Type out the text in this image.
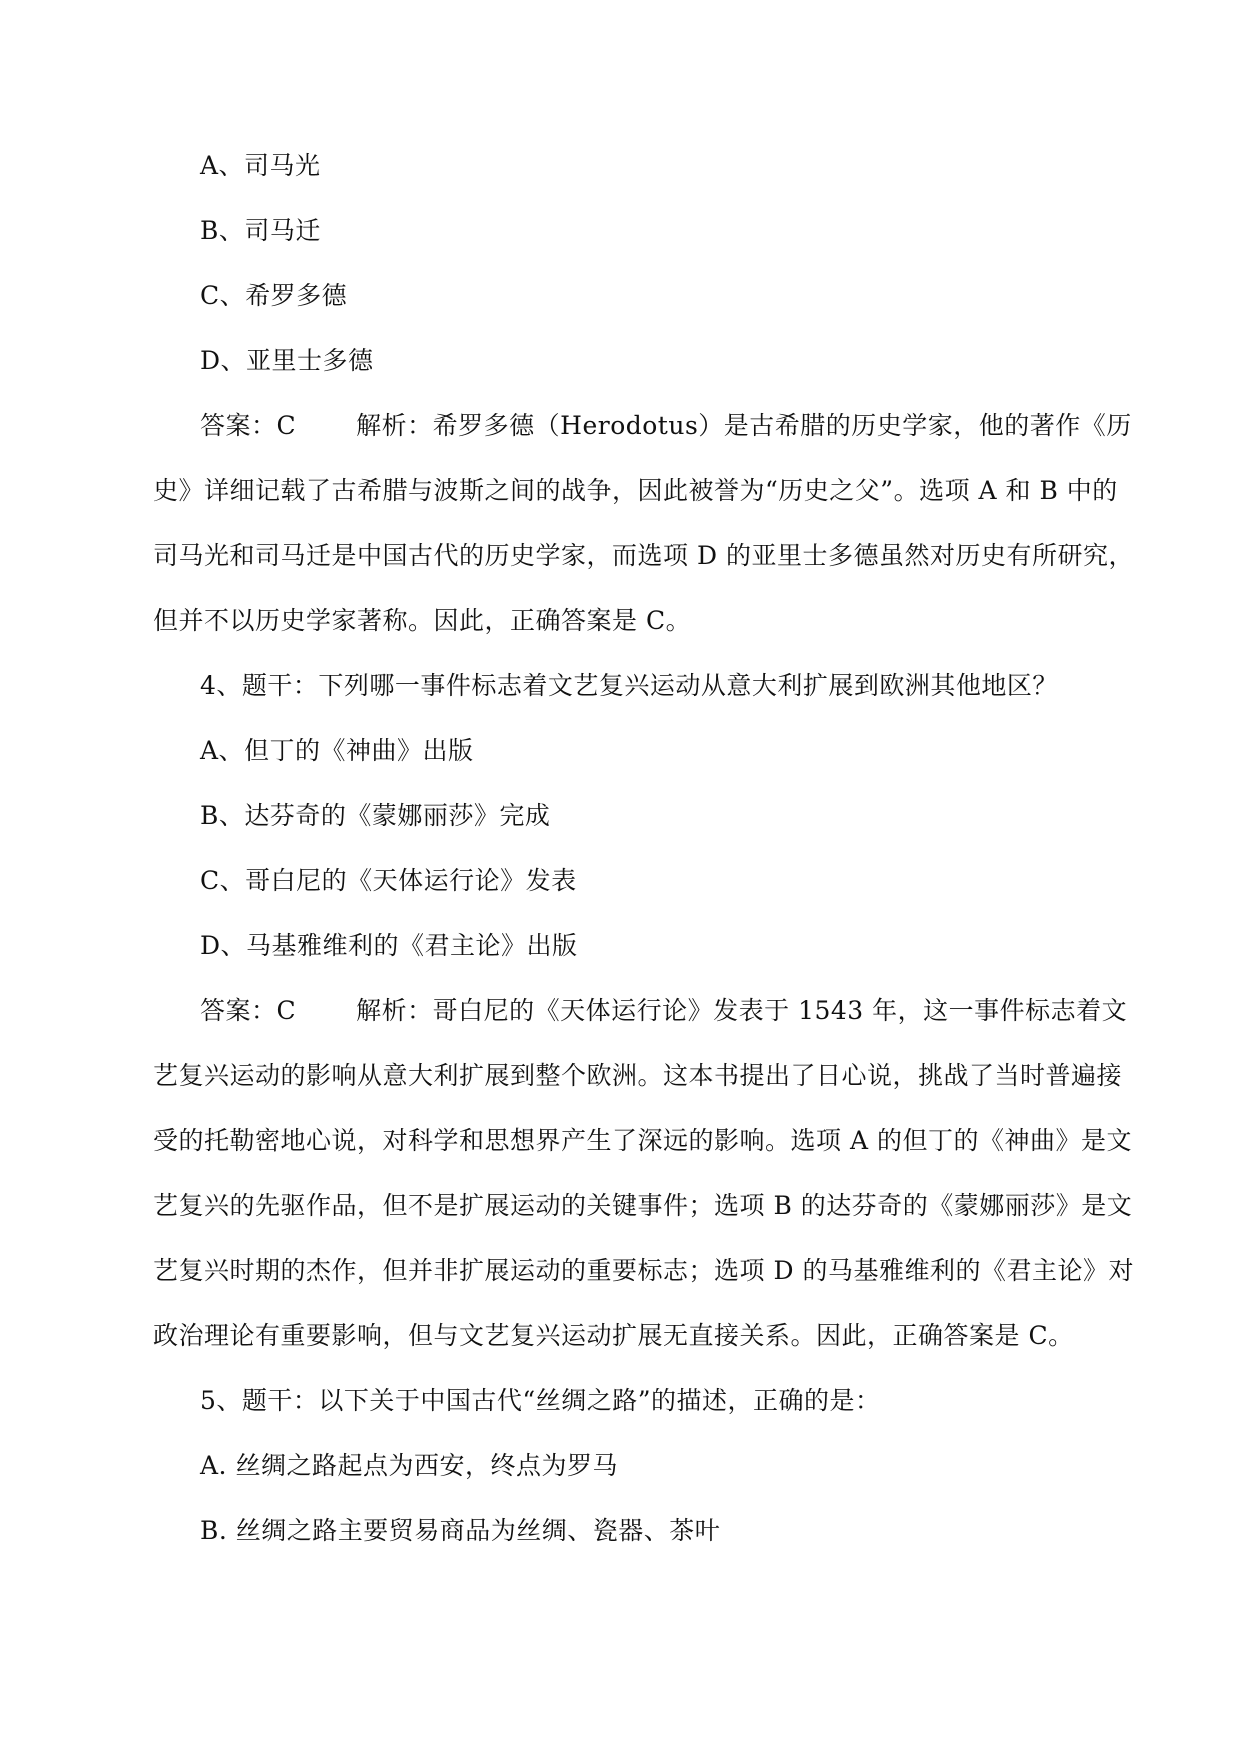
A、司马光
B、司马迁
C、希罗多德
D、亚里士多德
答案：C 解析：希罗多德（Herodotus）是古希腊的历史学家，他的著作《历
史》详细记载了古希腊与波斯之间的战争，因此被誉为“历史之父”。选项 A 和 B 中的
司马光和司马迁是中国古代的历史学家，而选项 D 的亚里士多德虽然对历史有所研究，
但并不以历史学家著称。因此，正确答案是 C。
4、题干：下列哪一事件标志着文艺复兴运动从意大利扩展到欧洲其他地区？
A、但丁的《神曲》出版
B、达芬奇的《蒙娜丽莎》完成
C、哥白尼的《天体运行论》发表
D、马基雅维利的《君主论》出版
答案：C 解析：哥白尼的《天体运行论》发表于 1543 年，这一事件标志着文
艺复兴运动的影响从意大利扩展到整个欧洲。这本书提出了日心说，挑战了当时普遍接
受的托勒密地心说，对科学和思想界产生了深远的影响。选项 A 的但丁的《神曲》是文
艺复兴的先驱作品，但不是扩展运动的关键事件；选项 B 的达芬奇的《蒙娜丽莎》是文
艺复兴时期的杰作，但并非扩展运动的重要标志；选项 D 的马基雅维利的《君主论》对
政治理论有重要影响，但与文艺复兴运动扩展无直接关系。因此，正确答案是 C。
5、题干：以下关于中国古代“丝绸之路”的描述，正确的是：
A. 丝绸之路起点为西安，终点为罗马
B. 丝绸之路主要贸易商品为丝绸、瓷器、茶叶
